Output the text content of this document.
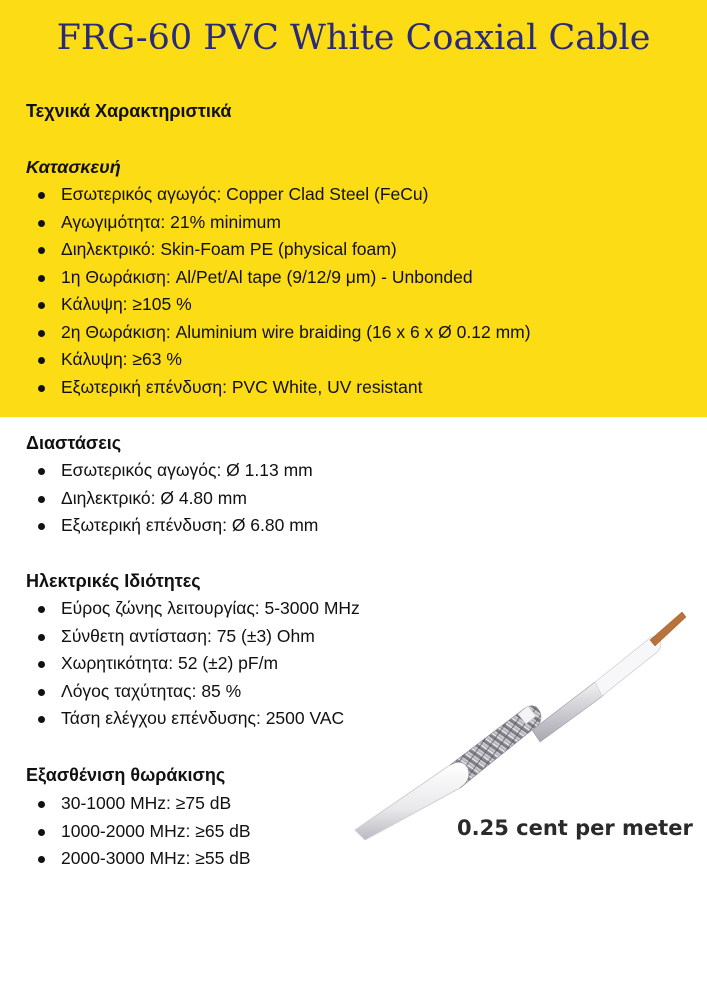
FRG-60 PVC White Coaxial Cable
Τεχνικά Χαρακτηριστικά
Κατασκευή
Εσωτερικός αγωγός: Copper Clad Steel (FeCu)
Αγωγιμότητα: 21% minimum
Διηλεκτρικό: Skin-Foam PE (physical foam)
1η Θωράκιση: Al/Pet/Al tape (9/12/9 μm) - Unbonded
Κάλυψη: ≥105 %
2η Θωράκιση: Aluminium wire braiding (16 x 6 x Ø 0.12 mm)
Κάλυψη: ≥63 %
Εξωτερική επένδυση: PVC White, UV resistant
Διαστάσεις
Εσωτερικός αγωγός: Ø 1.13 mm
Διηλεκτρικό: Ø 4.80 mm
Εξωτερική επένδυση: Ø 6.80 mm
Ηλεκτρικές Ιδιότητες
Εύρος ζώνης λειτουργίας: 5-3000 MHz
Σύνθετη αντίσταση: 75 (±3) Ohm
Χωρητικότητα: 52 (±2) pF/m
Λόγος ταχύτητας: 85 %
Τάση ελέγχου επένδυσης: 2500 VAC
Εξασθένιση θωράκισης
30-1000 MHz: ≥75 dB
1000-2000 MHz: ≥65 dB
2000-3000 MHz: ≥55 dB
0.25 cent per meter
